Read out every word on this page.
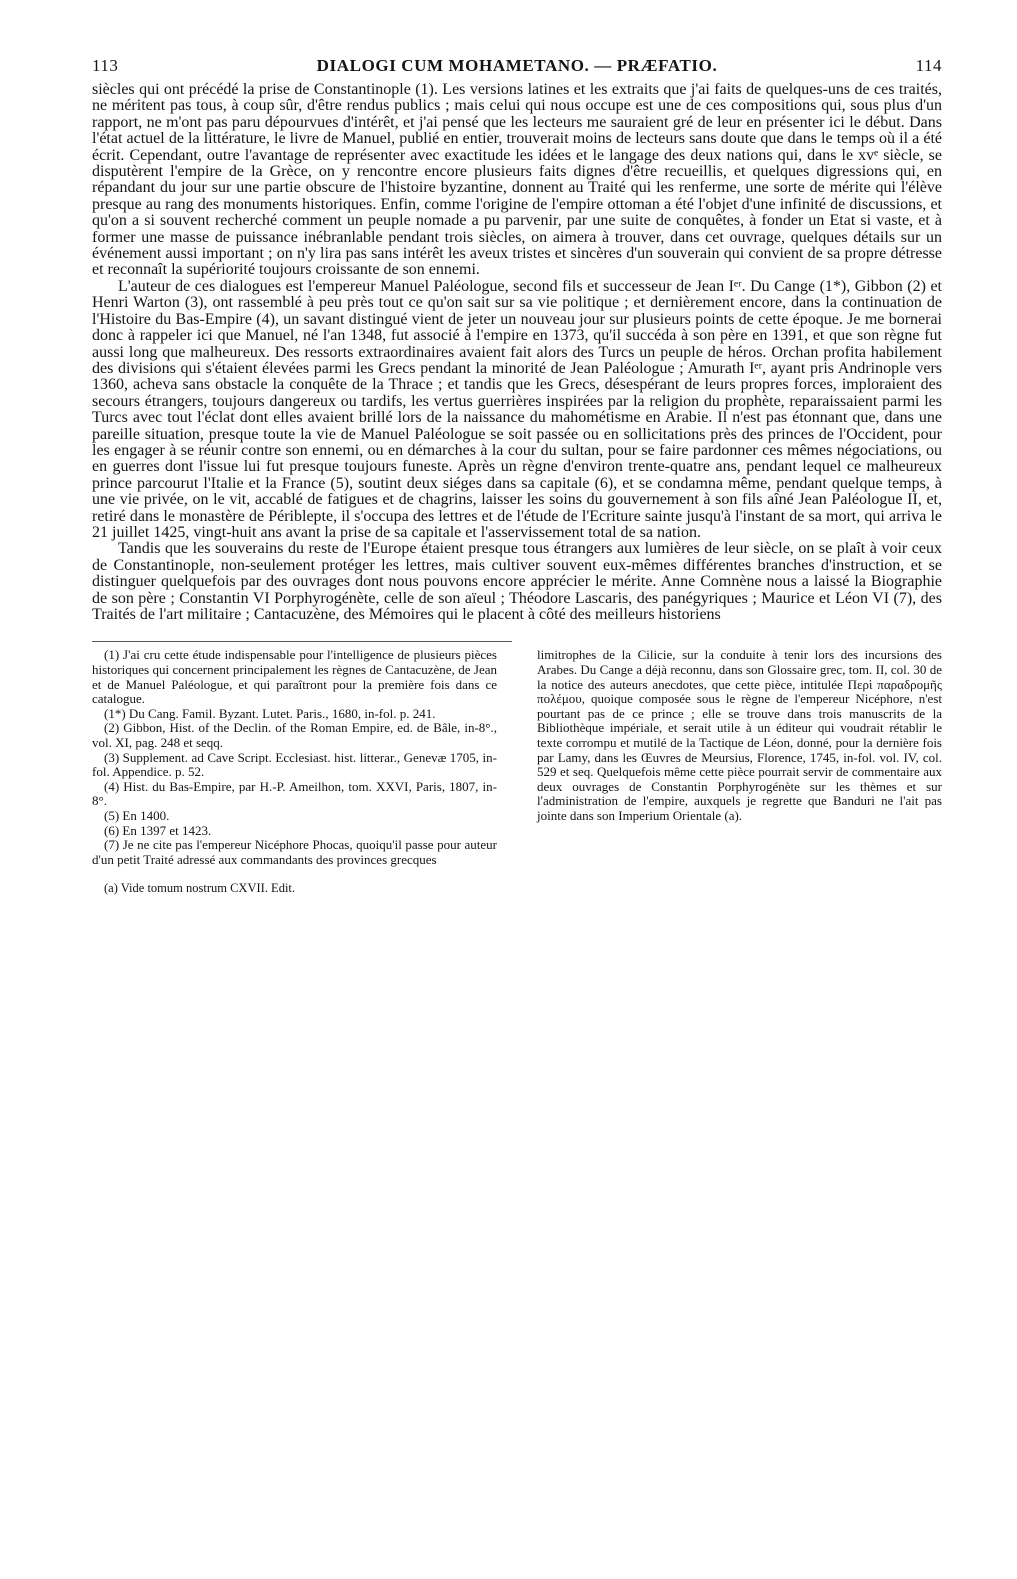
113	DIALOGI CUM MOHAMETANO. — PRÆFATIO.	114

siècles qui ont précédé la prise de Constantinople (1). Les versions latines et les extraits que j'ai faits de quelques-uns de ces traités, ne méritent pas tous, à coup sûr, d'être rendus publics ; mais celui qui nous occupe est une de ces compositions qui, sous plus d'un rapport, ne m'ont pas paru dépourvues d'intérêt, et j'ai pensé que les lecteurs me sauraient gré de leur en présenter ici le début. Dans l'état actuel de la littérature, le livre de Manuel, publié en entier, trouverait moins de lecteurs sans doute que dans le temps où il a été écrit. Cependant, outre l'avantage de représenter avec exactitude les idées et le langage des deux nations qui, dans le xvᵉ siècle, se disputèrent l'empire de la Grèce, on y rencontre encore plusieurs faits dignes d'être recueillis, et quelques digressions qui, en répandant du jour sur une partie obscure de l'histoire byzantine, donnent au Traité qui les renferme, une sorte de mérite qui l'élève presque au rang des monuments historiques. Enfin, comme l'origine de l'empire ottoman a été l'objet d'une infinité de discussions, et qu'on a si souvent recherché comment un peuple nomade a pu parvenir, par une suite de conquêtes, à fonder un Etat si vaste, et à former une masse de puissance inébranlable pendant trois siècles, on aimera à trouver, dans cet ouvrage, quelques détails sur un événement aussi important ; on n'y lira pas sans intérêt les aveux tristes et sincères d'un souverain qui convient de sa propre détresse et reconnaît la supériorité toujours croissante de son ennemi.

L'auteur de ces dialogues est l'empereur Manuel Paléologue, second fils et successeur de Jean Iᵉʳ. Du Cange (1*), Gibbon (2) et Henri Warton (3), ont rassemblé à peu près tout ce qu'on sait sur sa vie politique ; et dernièrement encore, dans la continuation de l'Histoire du Bas-Empire (4), un savant distingué vient de jeter un nouveau jour sur plusieurs points de cette époque. Je me bornerai donc à rappeler ici que Manuel, né l'an 1348, fut associé à l'empire en 1373, qu'il succéda à son père en 1391, et que son règne fut aussi long que malheureux. Des ressorts extraordinaires avaient fait alors des Turcs un peuple de héros. Orchan profita habilement des divisions qui s'étaient élevées parmi les Grecs pendant la minorité de Jean Paléologue ; Amurath Iᵉʳ, ayant pris Andrinople vers 1360, acheva sans obstacle la conquête de la Thrace ; et tandis que les Grecs, désespérant de leurs propres forces, imploraient des secours étrangers, toujours dangereux ou tardifs, les vertus guerrières inspirées par la religion du prophète, reparaissaient parmi les Turcs avec tout l'éclat dont elles avaient brillé lors de la naissance du mahométisme en Arabie. Il n'est pas étonnant que, dans une pareille situation, presque toute la vie de Manuel Paléologue se soit passée ou en sollicitations près des princes de l'Occident, pour les engager à se réunir contre son ennemi, ou en démarches à la cour du sultan, pour se faire pardonner ces mêmes négociations, ou en guerres dont l'issue lui fut presque toujours funeste. Après un règne d'environ trente-quatre ans, pendant lequel ce malheureux prince parcourut l'Italie et la France (5), soutint deux siéges dans sa capitale (6), et se condamna même, pendant quelque temps, à une vie privée, on le vit, accablé de fatigues et de chagrins, laisser les soins du gouvernement à son fils aîné Jean Paléologue II, et, retiré dans le monastère de Périblepte, il s'occupa des lettres et de l'étude de l'Ecriture sainte jusqu'à l'instant de sa mort, qui arriva le 21 juillet 1425, vingt-huit ans avant la prise de sa capitale et l'asservissement total de sa nation.

Tandis que les souverains du reste de l'Europe étaient presque tous étrangers aux lumières de leur siècle, on se plaît à voir ceux de Constantinople, non-seulement protéger les lettres, mais cultiver souvent eux-mêmes différentes branches d'instruction, et se distinguer quelquefois par des ouvrages dont nous pouvons encore apprécier le mérite. Anne Comnène nous a laissé la Biographie de son père ; Constantin VI Porphyrogénète, celle de son aïeul ; Théodore Lascaris, des panégyriques ; Maurice et Léon VI (7), des Traités de l'art militaire ; Cantacuzène, des Mémoires qui le placent à côté des meilleurs historiens

(1) J'ai cru cette étude indispensable pour l'intelligence de plusieurs pièces historiques qui concernent principalement les règnes de Cantacuzène, de Jean et de Manuel Paléologue, et qui paraîtront pour la première fois dans ce catalogue.

(1*) Du Cang. Famil. Byzant. Lutet. Paris., 1680, in-fol. p. 241.

(2) Gibbon, Hist. of the Declin. of the Roman Empire, ed. de Bâle, in-8°., vol. XI, pag. 248 et seqq.

(3) Supplement. ad Cave Script. Ecclesiast. hist. litterar., Genevæ 1705, in-fol. Appendice. p. 52.

(4) Hist. du Bas-Empire, par H.-P. Ameilhon, tom. XXVI, Paris, 1807, in-8°.

(5) En 1400.

(6) En 1397 et 1423.

(7) Je ne cite pas l'empereur Nicéphore Phocas, quoiqu'il passe pour auteur d'un petit Traité adressé aux commandants des provinces grecques

limitrophes de la Cilicie, sur la conduite à tenir lors des incursions des Arabes. Du Cange a déjà reconnu, dans son Glossaire grec, tom. II, col. 30 de la notice des auteurs anecdotes, que cette pièce, intitulée Περὶ παραδρομῆς πολέμου, quoique composée sous le règne de l'empereur Nicéphore, n'est pourtant pas de ce prince ; elle se trouve dans trois manuscrits de la Bibliothèque impériale, et serait utile à un éditeur qui voudrait rétablir le texte corrompu et mutilé de la Tactique de Léon, donné, pour la dernière fois par Lamy, dans les Œuvres de Meursius, Florence, 1745, in-fol. vol. IV, col. 529 et seq. Quelquefois même cette pièce pourrait servir de commentaire aux deux ouvrages de Constantin Porphyrogénète sur les thèmes et sur l'administration de l'empire, auxquels je regrette que Banduri ne l'ait pas jointe dans son Imperium Orientale (a).

(a) Vide tomum nostrum CXVII. Edit.
